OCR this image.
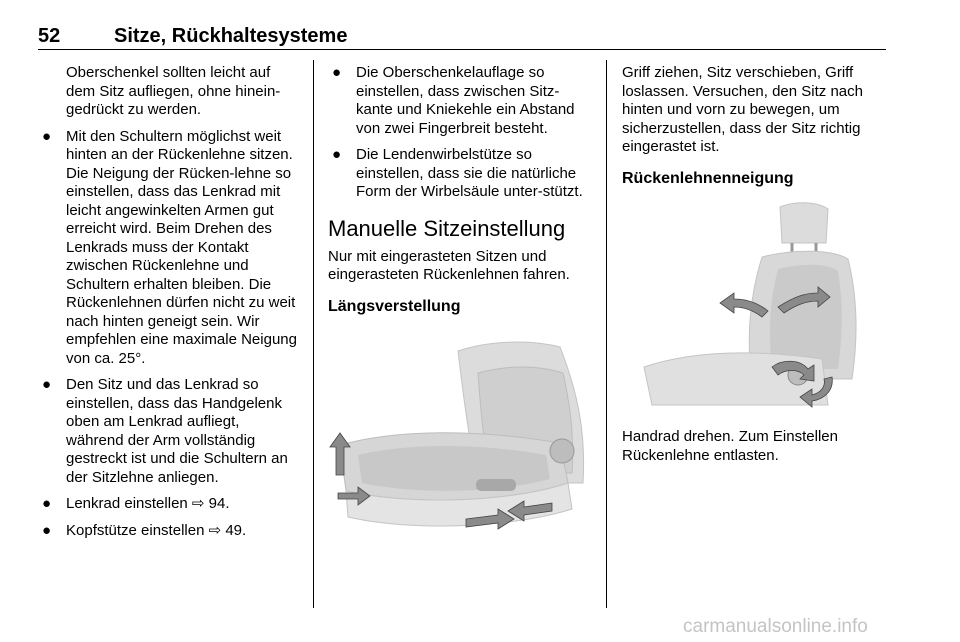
52	Sitze, Rückhaltesysteme

Oberschenkel sollten leicht auf dem Sitz aufliegen, ohne hinein-gedrückt zu werden.

● Mit den Schultern möglichst weit hinten an der Rückenlehne sitzen. Die Neigung der Rücken-lehne so einstellen, dass das Lenkrad mit leicht angewinkelten Armen gut erreicht wird. Beim Drehen des Lenkrads muss der Kontakt zwischen Rückenlehne und Schultern erhalten bleiben. Die Rückenlehnen dürfen nicht zu weit nach hinten geneigt sein. Wir empfehlen eine maximale Neigung von ca. 25°.
● Den Sitz und das Lenkrad so einstellen, dass das Handgelenk oben am Lenkrad aufliegt, während der Arm vollständig gestreckt ist und die Schultern an der Sitzlehne anliegen.
● Lenkrad einstellen ⇨ 94.
● Kopfstütze einstellen ⇨ 49.
● Die Oberschenkelauflage so einstellen, dass zwischen Sitz-kante und Kniekehle ein Abstand von zwei Fingerbreit besteht.
● Die Lendenwirbelstütze so einstellen, dass sie die natürliche Form der Wirbelsäule unter-stützt.
Manuelle Sitzeinstellung

Nur mit eingerasteten Sitzen und eingerasteten Rückenlehnen fahren.

Längsverstellung

Griff ziehen, Sitz verschieben, Griff loslassen. Versuchen, den Sitz nach hinten und vorn zu bewegen, um sicherzustellen, dass der Sitz richtig eingerastet ist.

Rückenlehnenneigung

Handrad drehen. Zum Einstellen Rückenlehne entlasten.

carmanualsonline.info
